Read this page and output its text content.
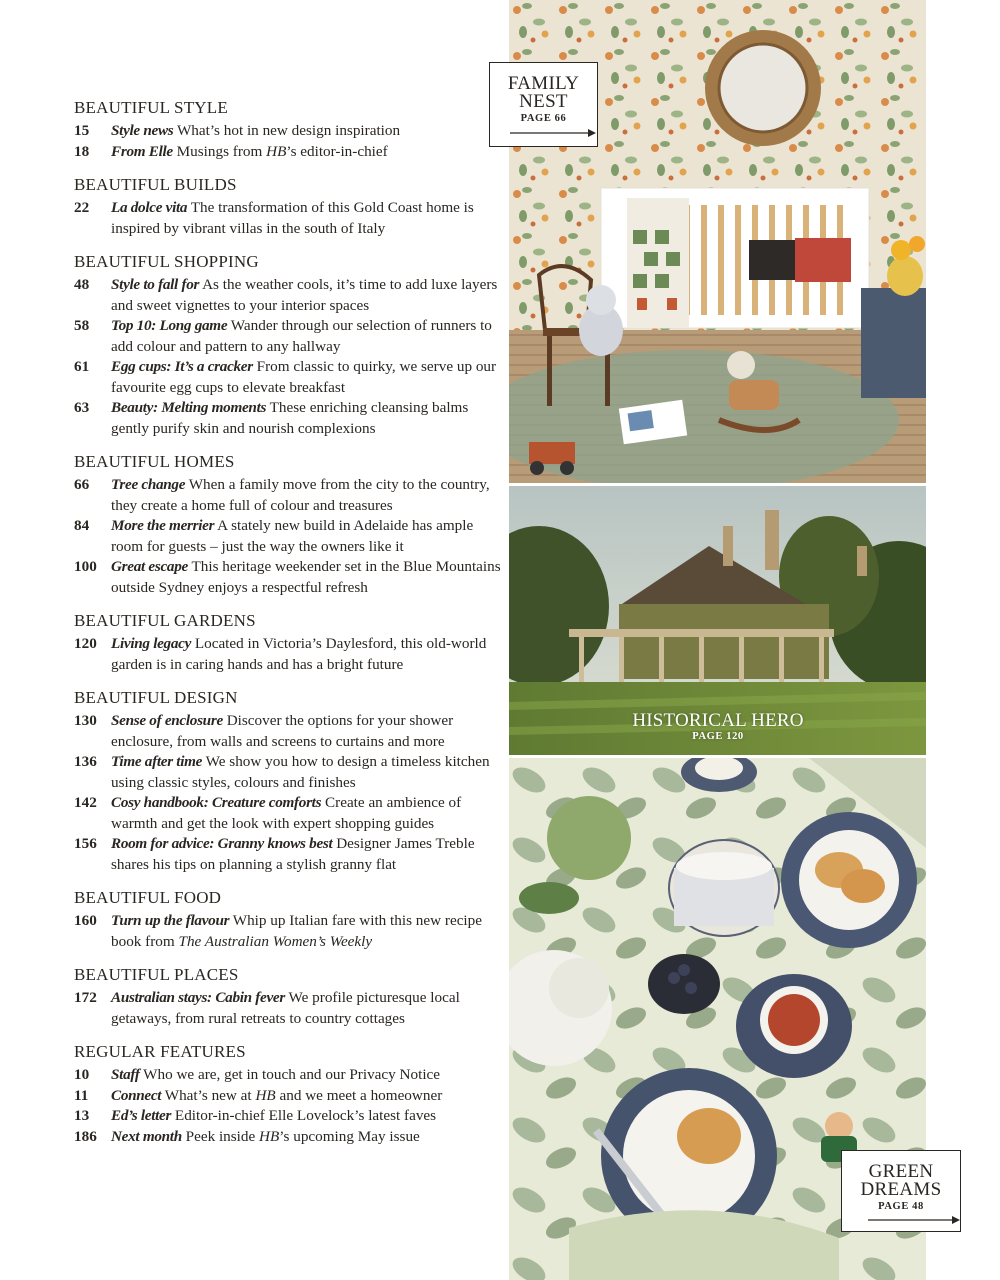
BEAUTIFUL STYLE
15	Style news What’s hot in new design inspiration
18	From Elle Musings from HB’s editor-in-chief
BEAUTIFUL BUILDS
22	La dolce vita The transformation of this Gold Coast home is inspired by vibrant villas in the south of Italy
BEAUTIFUL SHOPPING
48	Style to fall for As the weather cools, it’s time to add luxe layers and sweet vignettes to your interior spaces
58	Top 10: Long game Wander through our selection of runners to add colour and pattern to any hallway
61	Egg cups: It’s a cracker From classic to quirky, we serve up our favourite egg cups to elevate breakfast
63	Beauty: Melting moments These enriching cleansing balms gently purify skin and nourish complexions
BEAUTIFUL HOMES
66	Tree change When a family move from the city to the country, they create a home full of colour and treasures
84	More the merrier A stately new build in Adelaide has ample room for guests – just the way the owners like it
100 Great escape This heritage weekender set in the Blue Mountains outside Sydney enjoys a respectful refresh
BEAUTIFUL GARDENS
120 Living legacy Located in Victoria’s Daylesford, this old-world garden is in caring hands and has a bright future
BEAUTIFUL DESIGN
130 Sense of enclosure Discover the options for your shower enclosure, from walls and screens to curtains and more
136 Time after time We show you how to design a timeless kitchen using classic styles, colours and finishes
142 Cosy handbook: Creature comforts Create an ambience of warmth and get the look with expert shopping guides
156 Room for advice: Granny knows best Designer James Treble shares his tips on planning a stylish granny flat
BEAUTIFUL FOOD
160 Turn up the flavour Whip up Italian fare with this new recipe book from The Australian Women’s Weekly
BEAUTIFUL PLACES
172 Australian stays: Cabin fever We profile picturesque local getaways, from rural retreats to country cottages
REGULAR FEATURES
10	Staff Who we are, get in touch and our Privacy Notice
11	Connect What’s new at HB and we meet a homeowner
13	Ed’s letter Editor-in-chief Elle Lovelock’s latest faves
186 Next month Peek inside HB’s upcoming May issue
FAMILY
NEST
PAGE 66
HISTORICAL HERO
PAGE 120
GREEN
DREAMS
PAGE 48
